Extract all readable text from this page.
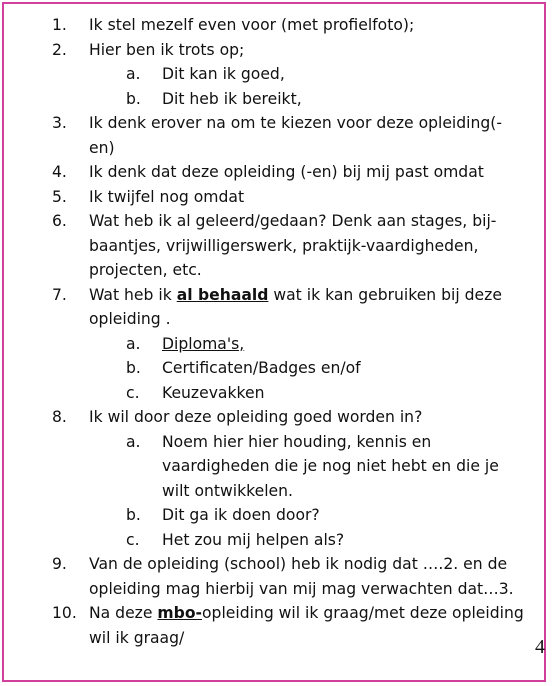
1. Ik stel mezelf even voor (met profielfoto);
2. Hier ben ik trots op;
a. Dit kan ik goed,
b. Dit heb ik bereikt,
3. Ik denk erover na om te kiezen voor deze opleiding(-en)
4. Ik denk dat deze opleiding (-en) bij mij past omdat
5. Ik twijfel nog omdat
6. Wat heb ik al geleerd/gedaan? Denk aan stages, bij-baantjes, vrijwilligerswerk, praktijk-vaardigheden, projecten, etc.
7. Wat heb ik al behaald wat ik kan gebruiken bij deze opleiding .
a. Diploma's,
b. Certificaten/Badges en/of
c. Keuzevakken
8. Ik wil door deze opleiding goed worden in?
a. Noem hier hier houding, kennis en vaardigheden die je nog niet hebt en die je wilt ontwikkelen.
b. Dit ga ik doen door?
c. Het zou mij helpen als?
9. Van de opleiding (school) heb ik nodig dat ….2. en de opleiding mag hierbij van mij mag verwachten dat…3.
10. Na deze mbo-opleiding wil ik graag/met deze opleiding wil ik graag/	4
